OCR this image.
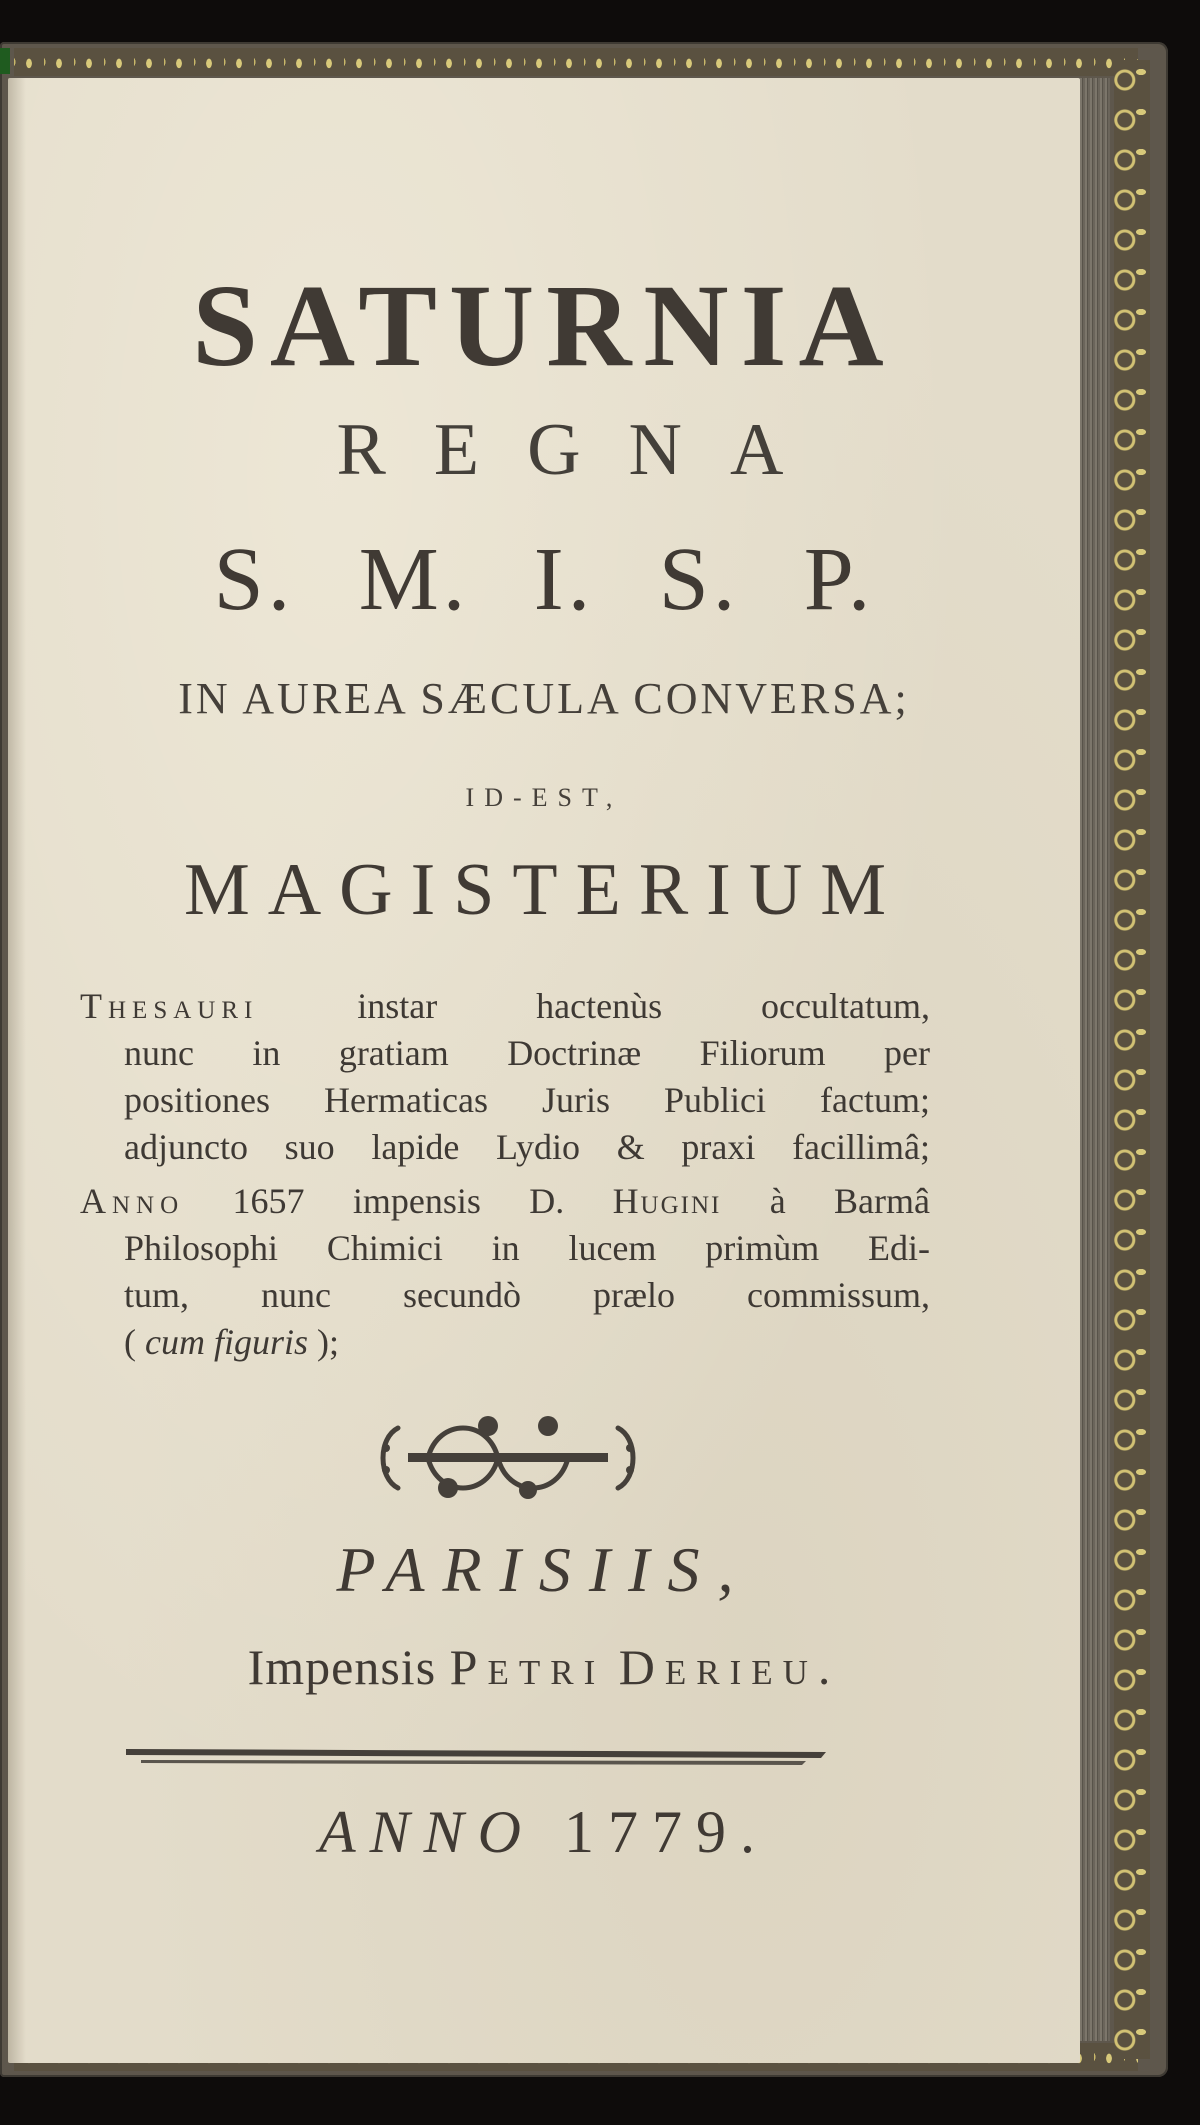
SATURNIA
REGNA
S. M. I. S. P.
IN AUREA SÆCULA CONVERSA;
ID-EST,
MAGISTERIUM
Thesauri instar hactenùs occultatum,
nunc in gratiam Doctrinæ Filiorum per
positiones Hermaticas Juris Publici factum;
adjuncto suo lapide Lydio & praxi facillimâ;
Anno 1657 impensis D. Hugini à Barmâ
Philosophi Chimici in lucem primùm Edi-
tum, nunc secundò prælo commissum,
( cum figuris );
PARISIIS,
Impensis Petri Derieu.
ANNO 1779.
